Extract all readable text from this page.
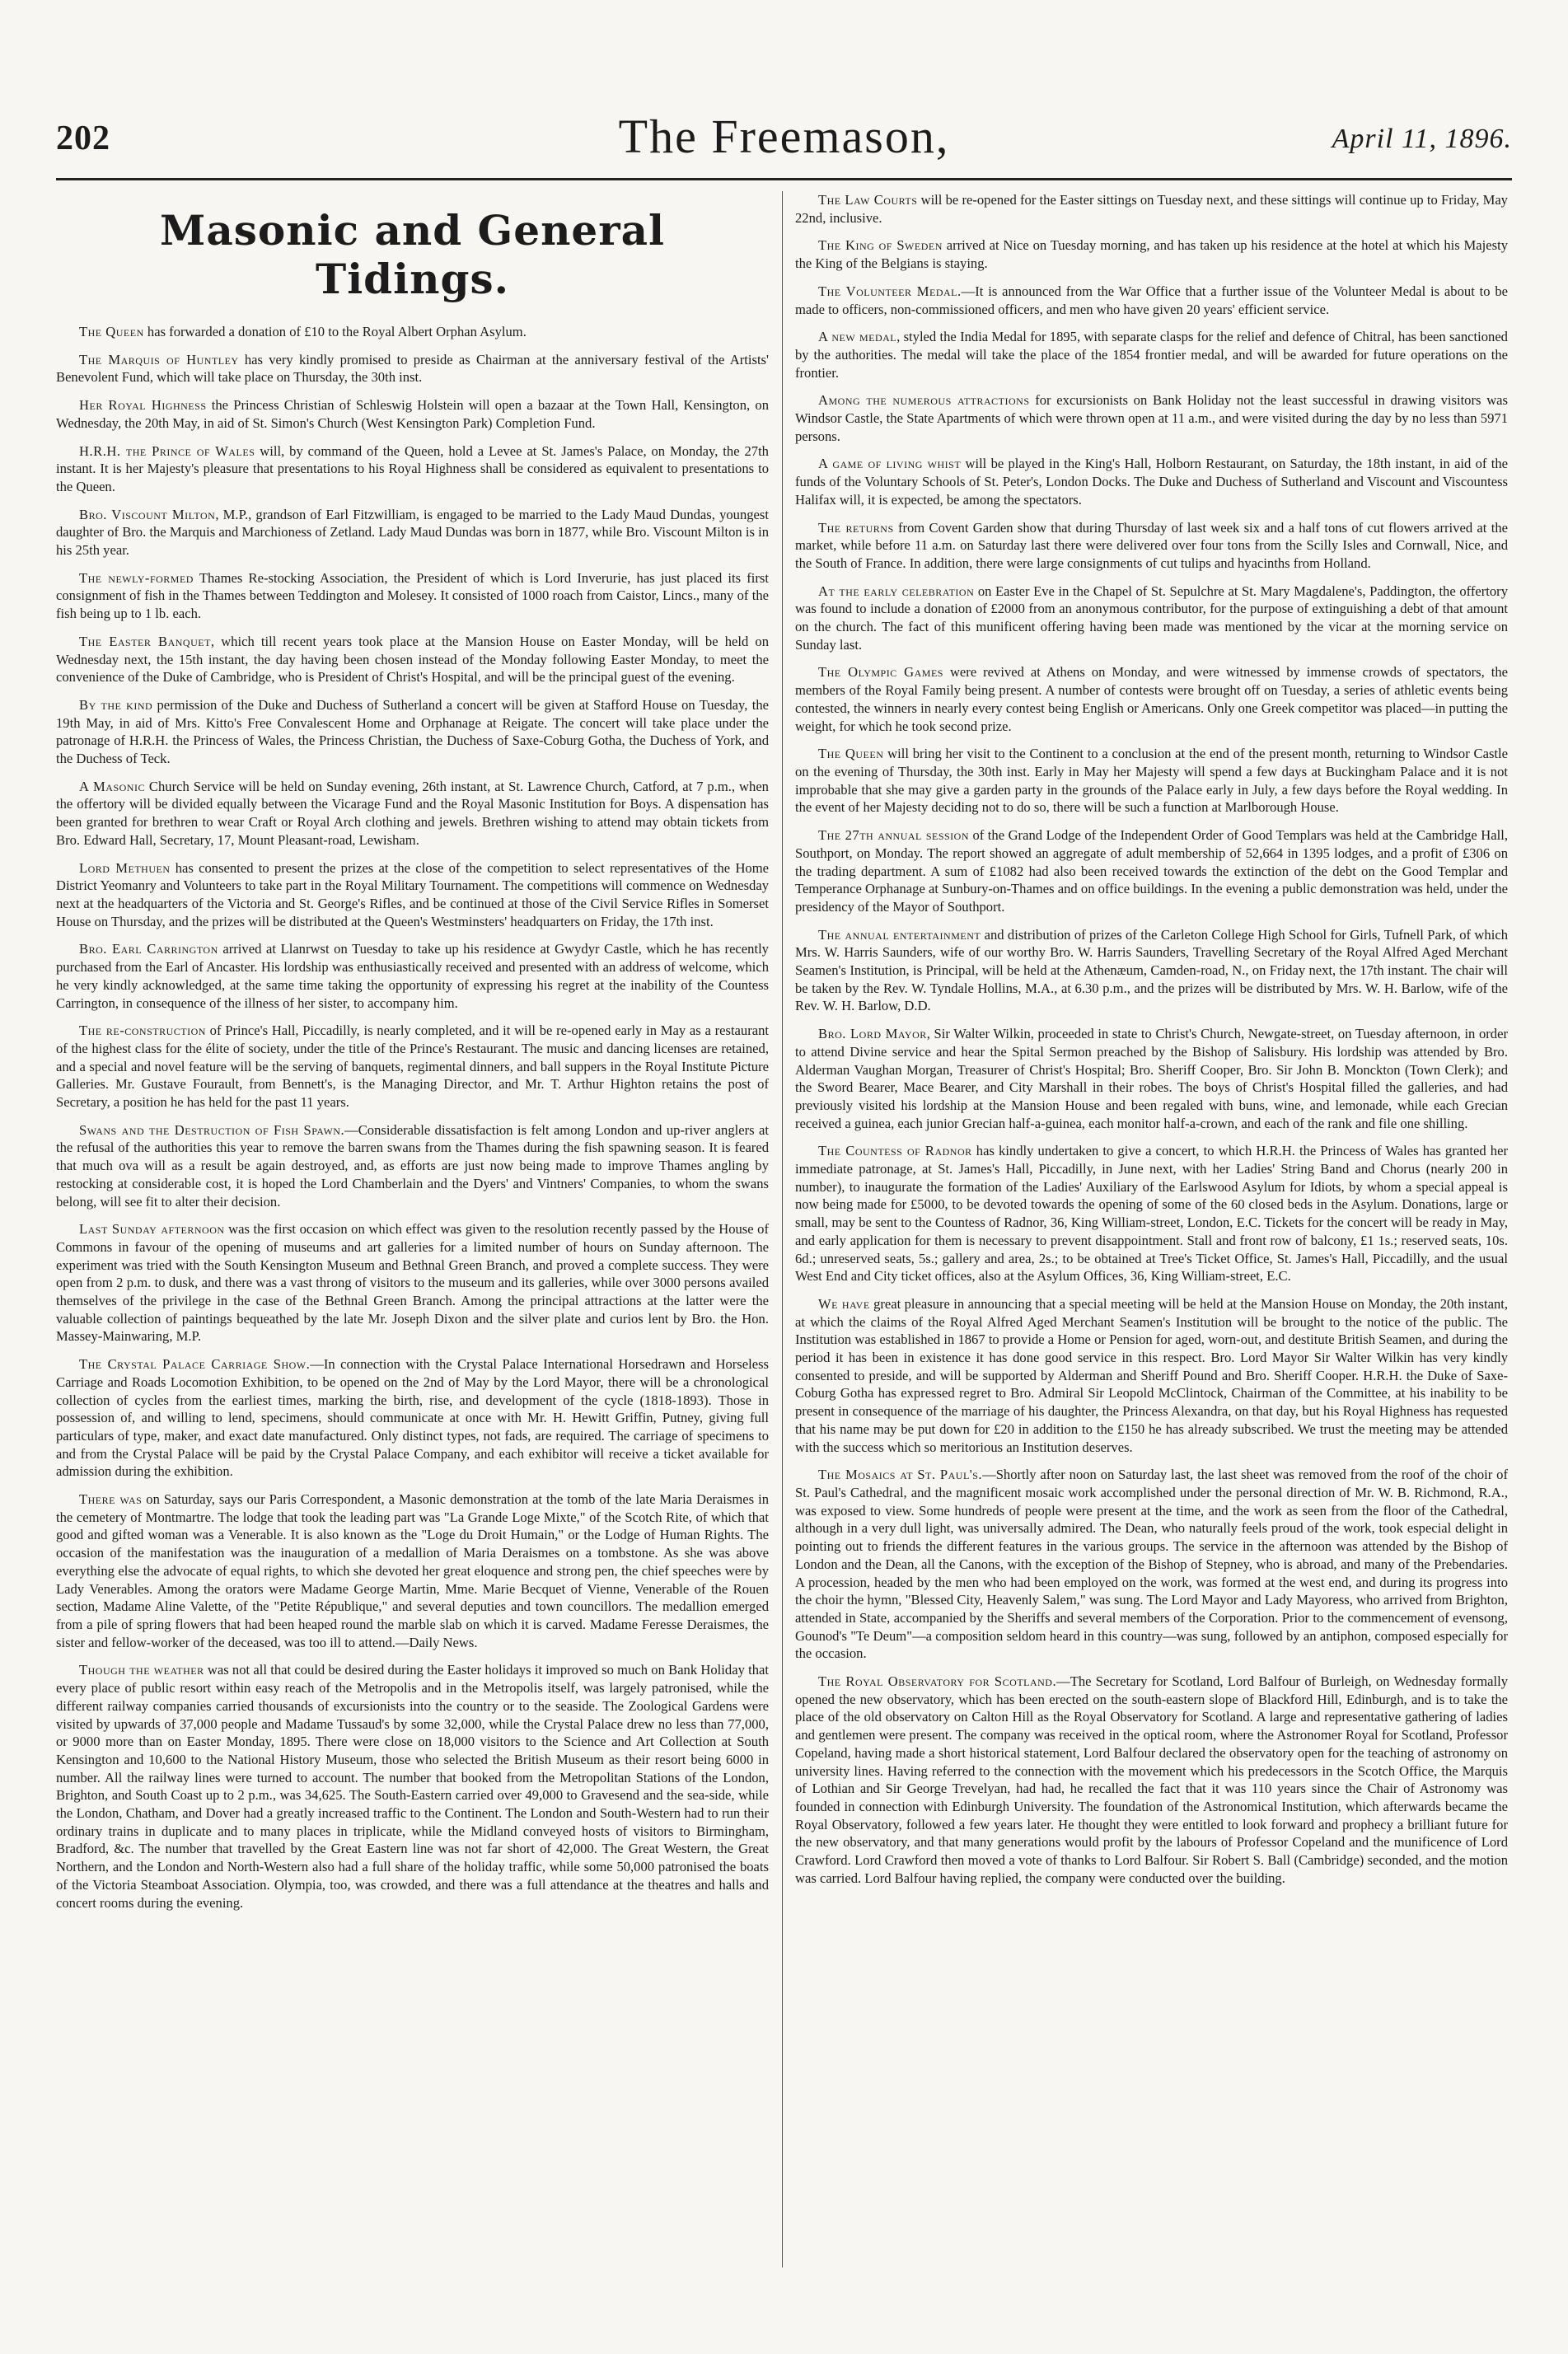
202	The Freemason,	April 11, 1896.
Masonic and General Tidings.

The Queen has forwarded a donation of £10 to the Royal Albert Orphan Asylum.

The Marquis of Huntley has very kindly promised to preside as Chairman at the anniversary festival of the Artists' Benevolent Fund, which will take place on Thursday, the 30th inst.

Her Royal Highness the Princess Christian of Schleswig Holstein will open a bazaar at the Town Hall, Kensington, on Wednesday, the 20th May, in aid of St. Simon's Church (West Kensington Park) Completion Fund.

H.R.H. the Prince of Wales will, by command of the Queen, hold a Levee at St. James's Palace, on Monday, the 27th instant. It is her Majesty's pleasure that presentations to his Royal Highness shall be considered as equivalent to presentations to the Queen.

Bro. Viscount Milton, M.P., grandson of Earl Fitzwilliam, is engaged to be married to the Lady Maud Dundas, youngest daughter of Bro. the Marquis and Marchioness of Zetland. Lady Maud Dundas was born in 1877, while Bro. Viscount Milton is in his 25th year.

The newly-formed Thames Re-stocking Association, the President of which is Lord Inverurie, has just placed its first consignment of fish in the Thames between Teddington and Molesey. It consisted of 1000 roach from Caistor, Lincs., many of the fish being up to 1 lb. each.

The Easter Banquet, which till recent years took place at the Mansion House on Easter Monday, will be held on Wednesday next, the 15th instant, the day having been chosen instead of the Monday following Easter Monday, to meet the convenience of the Duke of Cambridge, who is President of Christ's Hospital, and will be the principal guest of the evening.

By the kind permission of the Duke and Duchess of Sutherland a concert will be given at Stafford House on Tuesday, the 19th May, in aid of Mrs. Kitto's Free Convalescent Home and Orphanage at Reigate. The concert will take place under the patronage of H.R.H. the Princess of Wales, the Princess Christian, the Duchess of Saxe-Coburg Gotha, the Duchess of York, and the Duchess of Teck.

A Masonic Church Service will be held on Sunday evening, 26th instant, at St. Lawrence Church, Catford, at 7 p.m., when the offertory will be divided equally between the Vicarage Fund and the Royal Masonic Institution for Boys. A dispensation has been granted for brethren to wear Craft or Royal Arch clothing and jewels. Brethren wishing to attend may obtain tickets from Bro. Edward Hall, Secretary, 17, Mount Pleasant-road, Lewisham.

Lord Methuen has consented to present the prizes at the close of the competition to select representatives of the Home District Yeomanry and Volunteers to take part in the Royal Military Tournament. The competitions will commence on Wednesday next at the headquarters of the Victoria and St. George's Rifles, and be continued at those of the Civil Service Rifles in Somerset House on Thursday, and the prizes will be distributed at the Queen's Westminsters' headquarters on Friday, the 17th inst.

Bro. Earl Carrington arrived at Llanrwst on Tuesday to take up his residence at Gwydyr Castle, which he has recently purchased from the Earl of Ancaster. His lordship was enthusiastically received and presented with an address of welcome, which he very kindly acknowledged, at the same time taking the opportunity of expressing his regret at the inability of the Countess Carrington, in consequence of the illness of her sister, to accompany him.

The re-construction of Prince's Hall, Piccadilly, is nearly completed, and it will be re-opened early in May as a restaurant of the highest class for the élite of society, under the title of the Prince's Restaurant. The music and dancing licenses are retained, and a special and novel feature will be the serving of banquets, regimental dinners, and ball suppers in the Royal Institute Picture Galleries. Mr. Gustave Fourault, from Bennett's, is the Managing Director, and Mr. T. Arthur Highton retains the post of Secretary, a position he has held for the past 11 years.

Swans and the Destruction of Fish Spawn.—Considerable dissatisfaction is felt among London and up-river anglers at the refusal of the authorities this year to remove the barren swans from the Thames during the fish spawning season. It is feared that much ova will as a result be again destroyed, and, as efforts are just now being made to improve Thames angling by restocking at considerable cost, it is hoped the Lord Chamberlain and the Dyers' and Vintners' Companies, to whom the swans belong, will see fit to alter their decision.

Last Sunday afternoon was the first occasion on which effect was given to the resolution recently passed by the House of Commons in favour of the opening of museums and art galleries for a limited number of hours on Sunday afternoon. The experiment was tried with the South Kensington Museum and Bethnal Green Branch, and proved a complete success. They were open from 2 p.m. to dusk, and there was a vast throng of visitors to the museum and its galleries, while over 3000 persons availed themselves of the privilege in the case of the Bethnal Green Branch. Among the principal attractions at the latter were the valuable collection of paintings bequeathed by the late Mr. Joseph Dixon and the silver plate and curios lent by Bro. the Hon. Massey-Mainwaring, M.P.

The Crystal Palace Carriage Show.—In connection with the Crystal Palace International Horsedrawn and Horseless Carriage and Roads Locomotion Exhibition, to be opened on the 2nd of May by the Lord Mayor, there will be a chronological collection of cycles from the earliest times, marking the birth, rise, and development of the cycle (1818-1893). Those in possession of, and willing to lend, specimens, should communicate at once with Mr. H. Hewitt Griffin, Putney, giving full particulars of type, maker, and exact date manufactured. Only distinct types, not fads, are required. The carriage of specimens to and from the Crystal Palace will be paid by the Crystal Palace Company, and each exhibitor will receive a ticket available for admission during the exhibition.

There was on Saturday, says our Paris Correspondent, a Masonic demonstration at the tomb of the late Maria Deraismes in the cemetery of Montmartre. The lodge that took the leading part was "La Grande Loge Mixte," of the Scotch Rite, of which that good and gifted woman was a Venerable. It is also known as the "Loge du Droit Humain," or the Lodge of Human Rights. The occasion of the manifestation was the inauguration of a medallion of Maria Deraismes on a tombstone. As she was above everything else the advocate of equal rights, to which she devoted her great eloquence and strong pen, the chief speeches were by Lady Venerables. Among the orators were Madame George Martin, Mme. Marie Becquet of Vienne, Venerable of the Rouen section, Madame Aline Valette, of the "Petite République," and several deputies and town councillors. The medallion emerged from a pile of spring flowers that had been heaped round the marble slab on which it is carved. Madame Feresse Deraismes, the sister and fellow-worker of the deceased, was too ill to attend.—Daily News.

Though the weather was not all that could be desired during the Easter holidays it improved so much on Bank Holiday that every place of public resort within easy reach of the Metropolis and in the Metropolis itself, was largely patronised, while the different railway companies carried thousands of excursionists into the country or to the seaside. The Zoological Gardens were visited by upwards of 37,000 people and Madame Tussaud's by some 32,000, while the Crystal Palace drew no less than 77,000, or 9000 more than on Easter Monday, 1895. There were close on 18,000 visitors to the Science and Art Collection at South Kensington and 10,600 to the National History Museum, those who selected the British Museum as their resort being 6000 in number. All the railway lines were turned to account. The number that booked from the Metropolitan Stations of the London, Brighton, and South Coast up to 2 p.m., was 34,625. The South-Eastern carried over 49,000 to Gravesend and the sea-side, while the London, Chatham, and Dover had a greatly increased traffic to the Continent. The London and South-Western had to run their ordinary trains in duplicate and to many places in triplicate, while the Midland conveyed hosts of visitors to Birmingham, Bradford, &c. The number that travelled by the Great Eastern line was not far short of 42,000. The Great Western, the Great Northern, and the London and North-Western also had a full share of the holiday traffic, while some 50,000 patronised the boats of the Victoria Steamboat Association. Olympia, too, was crowded, and there was a full attendance at the theatres and halls and concert rooms during the evening.

The Law Courts will be re-opened for the Easter sittings on Tuesday next, and these sittings will continue up to Friday, May 22nd, inclusive.

The King of Sweden arrived at Nice on Tuesday morning, and has taken up his residence at the hotel at which his Majesty the King of the Belgians is staying.

The Volunteer Medal.—It is announced from the War Office that a further issue of the Volunteer Medal is about to be made to officers, non-commissioned officers, and men who have given 20 years' efficient service.

A new medal, styled the India Medal for 1895, with separate clasps for the relief and defence of Chitral, has been sanctioned by the authorities. The medal will take the place of the 1854 frontier medal, and will be awarded for future operations on the frontier.

Among the numerous attractions for excursionists on Bank Holiday not the least successful in drawing visitors was Windsor Castle, the State Apartments of which were thrown open at 11 a.m., and were visited during the day by no less than 5971 persons.

A game of living whist will be played in the King's Hall, Holborn Restaurant, on Saturday, the 18th instant, in aid of the funds of the Voluntary Schools of St. Peter's, London Docks. The Duke and Duchess of Sutherland and Viscount and Viscountess Halifax will, it is expected, be among the spectators.

The returns from Covent Garden show that during Thursday of last week six and a half tons of cut flowers arrived at the market, while before 11 a.m. on Saturday last there were delivered over four tons from the Scilly Isles and Cornwall, Nice, and the South of France. In addition, there were large consignments of cut tulips and hyacinths from Holland.

At the early celebration on Easter Eve in the Chapel of St. Sepulchre at St. Mary Magdalene's, Paddington, the offertory was found to include a donation of £2000 from an anonymous contributor, for the purpose of extinguishing a debt of that amount on the church. The fact of this munificent offering having been made was mentioned by the vicar at the morning service on Sunday last.

The Olympic Games were revived at Athens on Monday, and were witnessed by immense crowds of spectators, the members of the Royal Family being present. A number of contests were brought off on Tuesday, a series of athletic events being contested, the winners in nearly every contest being English or Americans. Only one Greek competitor was placed—in putting the weight, for which he took second prize.

The Queen will bring her visit to the Continent to a conclusion at the end of the present month, returning to Windsor Castle on the evening of Thursday, the 30th inst. Early in May her Majesty will spend a few days at Buckingham Palace and it is not improbable that she may give a garden party in the grounds of the Palace early in July, a few days before the Royal wedding. In the event of her Majesty deciding not to do so, there will be such a function at Marlborough House.

The 27th annual session of the Grand Lodge of the Independent Order of Good Templars was held at the Cambridge Hall, Southport, on Monday. The report showed an aggregate of adult membership of 52,664 in 1395 lodges, and a profit of £306 on the trading department. A sum of £1082 had also been received towards the extinction of the debt on the Good Templar and Temperance Orphanage at Sunbury-on-Thames and on office buildings. In the evening a public demonstration was held, under the presidency of the Mayor of Southport.

The annual entertainment and distribution of prizes of the Carleton College High School for Girls, Tufnell Park, of which Mrs. W. Harris Saunders, wife of our worthy Bro. W. Harris Saunders, Travelling Secretary of the Royal Alfred Aged Merchant Seamen's Institution, is Principal, will be held at the Athenæum, Camden-road, N., on Friday next, the 17th instant. The chair will be taken by the Rev. W. Tyndale Hollins, M.A., at 6.30 p.m., and the prizes will be distributed by Mrs. W. H. Barlow, wife of the Rev. W. H. Barlow, D.D.

Bro. Lord Mayor, Sir Walter Wilkin, proceeded in state to Christ's Church, Newgate-street, on Tuesday afternoon, in order to attend Divine service and hear the Spital Sermon preached by the Bishop of Salisbury. His lordship was attended by Bro. Alderman Vaughan Morgan, Treasurer of Christ's Hospital; Bro. Sheriff Cooper, Bro. Sir John B. Monckton (Town Clerk); and the Sword Bearer, Mace Bearer, and City Marshall in their robes. The boys of Christ's Hospital filled the galleries, and had previously visited his lordship at the Mansion House and been regaled with buns, wine, and lemonade, while each Grecian received a guinea, each junior Grecian half-a-guinea, each monitor half-a-crown, and each of the rank and file one shilling.

The Countess of Radnor has kindly undertaken to give a concert, to which H.R.H. the Princess of Wales has granted her immediate patronage, at St. James's Hall, Piccadilly, in June next, with her Ladies' String Band and Chorus (nearly 200 in number), to inaugurate the formation of the Ladies' Auxiliary of the Earlswood Asylum for Idiots, by whom a special appeal is now being made for £5000, to be devoted towards the opening of some of the 60 closed beds in the Asylum. Donations, large or small, may be sent to the Countess of Radnor, 36, King William-street, London, E.C. Tickets for the concert will be ready in May, and early application for them is necessary to prevent disappointment. Stall and front row of balcony, £1 1s.; reserved seats, 10s. 6d.; unreserved seats, 5s.; gallery and area, 2s.; to be obtained at Tree's Ticket Office, St. James's Hall, Piccadilly, and the usual West End and City ticket offices, also at the Asylum Offices, 36, King William-street, E.C.

We have great pleasure in announcing that a special meeting will be held at the Mansion House on Monday, the 20th instant, at which the claims of the Royal Alfred Aged Merchant Seamen's Institution will be brought to the notice of the public. The Institution was established in 1867 to provide a Home or Pension for aged, worn-out, and destitute British Seamen, and during the period it has been in existence it has done good service in this respect. Bro. Lord Mayor Sir Walter Wilkin has very kindly consented to preside, and will be supported by Alderman and Sheriff Pound and Bro. Sheriff Cooper. H.R.H. the Duke of Saxe-Coburg Gotha has expressed regret to Bro. Admiral Sir Leopold McClintock, Chairman of the Committee, at his inability to be present in consequence of the marriage of his daughter, the Princess Alexandra, on that day, but his Royal Highness has requested that his name may be put down for £20 in addition to the £150 he has already subscribed. We trust the meeting may be attended with the success which so meritorious an Institution deserves.

The Mosaics at St. Paul's.—Shortly after noon on Saturday last, the last sheet was removed from the roof of the choir of St. Paul's Cathedral, and the magnificent mosaic work accomplished under the personal direction of Mr. W. B. Richmond, R.A., was exposed to view. Some hundreds of people were present at the time, and the work as seen from the floor of the Cathedral, although in a very dull light, was universally admired. The Dean, who naturally feels proud of the work, took especial delight in pointing out to friends the different features in the various groups. The service in the afternoon was attended by the Bishop of London and the Dean, all the Canons, with the exception of the Bishop of Stepney, who is abroad, and many of the Prebendaries. A procession, headed by the men who had been employed on the work, was formed at the west end, and during its progress into the choir the hymn, "Blessed City, Heavenly Salem," was sung. The Lord Mayor and Lady Mayoress, who arrived from Brighton, attended in State, accompanied by the Sheriffs and several members of the Corporation. Prior to the commencement of evensong, Gounod's "Te Deum"—a composition seldom heard in this country—was sung, followed by an antiphon, composed especially for the occasion.

The Royal Observatory for Scotland.—The Secretary for Scotland, Lord Balfour of Burleigh, on Wednesday formally opened the new observatory, which has been erected on the south-eastern slope of Blackford Hill, Edinburgh, and is to take the place of the old observatory on Calton Hill as the Royal Observatory for Scotland. A large and representative gathering of ladies and gentlemen were present. The company was received in the optical room, where the Astronomer Royal for Scotland, Professor Copeland, having made a short historical statement, Lord Balfour declared the observatory open for the teaching of astronomy on university lines. Having referred to the connection with the movement which his predecessors in the Scotch Office, the Marquis of Lothian and Sir George Trevelyan, had had, he recalled the fact that it was 110 years since the Chair of Astronomy was founded in connection with Edinburgh University. The foundation of the Astronomical Institution, which afterwards became the Royal Observatory, followed a few years later. He thought they were entitled to look forward and prophecy a brilliant future for the new observatory, and that many generations would profit by the labours of Professor Copeland and the munificence of Lord Crawford. Lord Crawford then moved a vote of thanks to Lord Balfour. Sir Robert S. Ball (Cambridge) seconded, and the motion was carried. Lord Balfour having replied, the company were conducted over the building.
